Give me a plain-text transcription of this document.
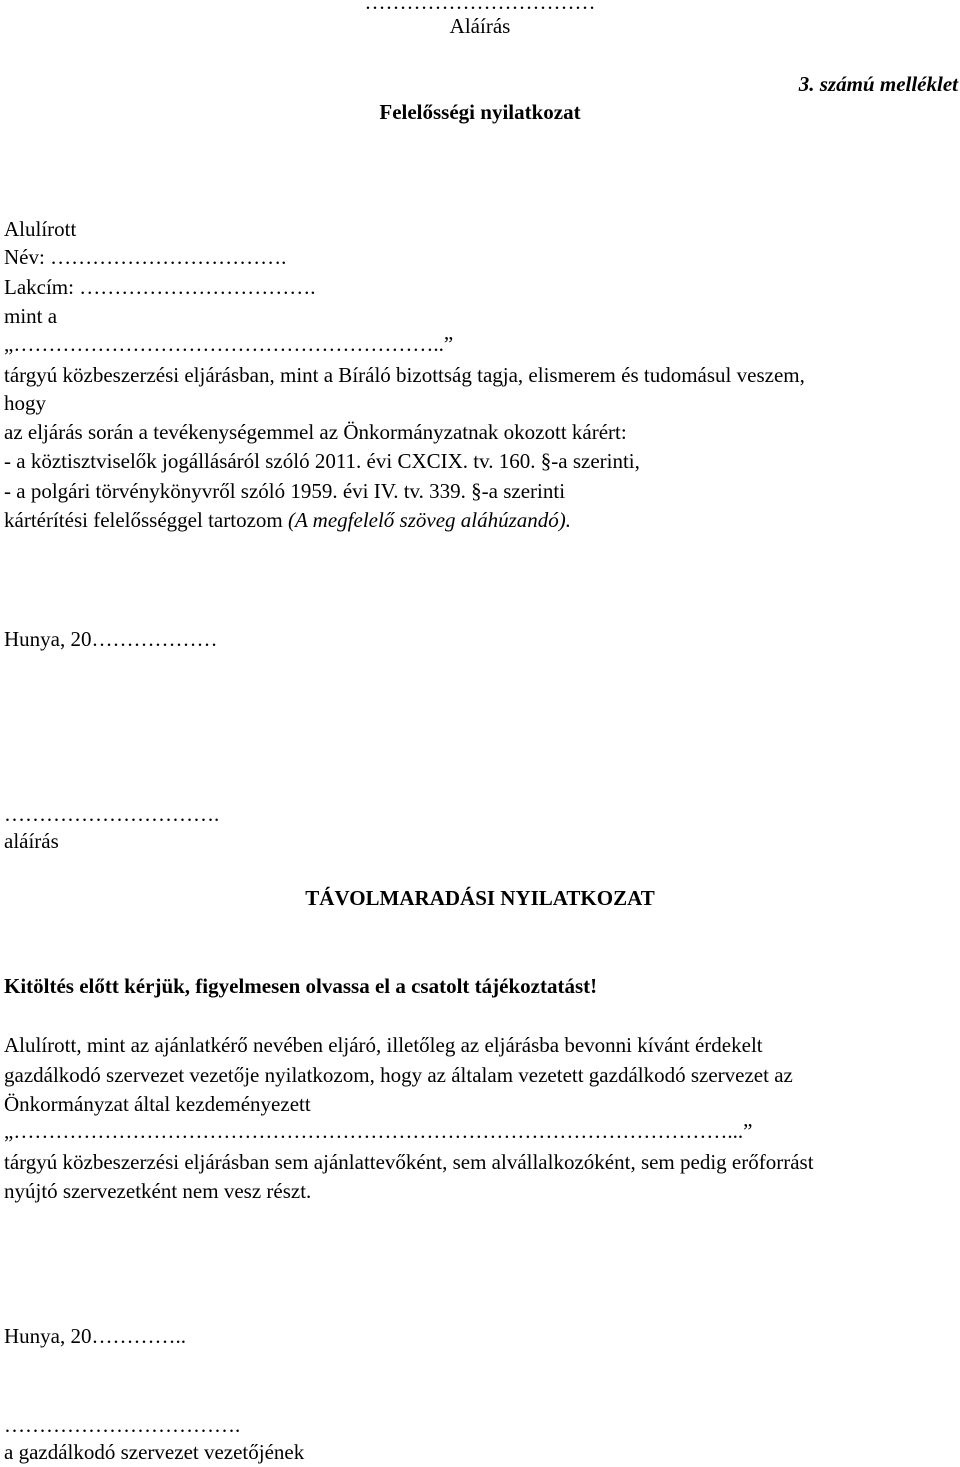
……………………………
Aláírás
3. számú melléklet
Felelősségi nyilatkozat
Alulírott
Név: …………………………….
Lakcím: …………………………….
mint a
„……………………………………………………..”
tárgyú közbeszerzési eljárásban, mint a Bíráló bizottság tagja, elismerem és tudomásul veszem,
hogy
az eljárás során a tevékenységemmel az Önkormányzatnak okozott kárért:
- a köztisztviselők jogállásáról szóló 2011. évi CXCIX. tv. 160. §-a szerinti,
- a polgári törvénykönyvről szóló 1959. évi IV. tv. 339. §-a szerinti
kártérítési felelősséggel tartozom (A megfelelő szöveg aláhúzandó).
Hunya, 20………………
………………………….
aláírás
TÁVOLMARADÁSI NYILATKOZAT
Kitöltés előtt kérjük, figyelmesen olvassa el a csatolt tájékoztatást!
Alulírott, mint az ajánlatkérő nevében eljáró, illetőleg az eljárásba bevonni kívánt érdekelt
gazdálkodó szervezet vezetője nyilatkozom, hogy az általam vezetett gazdálkodó szervezet az
Önkormányzat által kezdeményezett
„…………………………………………………………………………………………...”
tárgyú közbeszerzési eljárásban sem ajánlattevőként, sem alvállalkozóként, sem pedig erőforrást
nyújtó szervezetként nem vesz részt.
Hunya, 20…………..
…………………………….
a gazdálkodó szervezet vezetőjének
